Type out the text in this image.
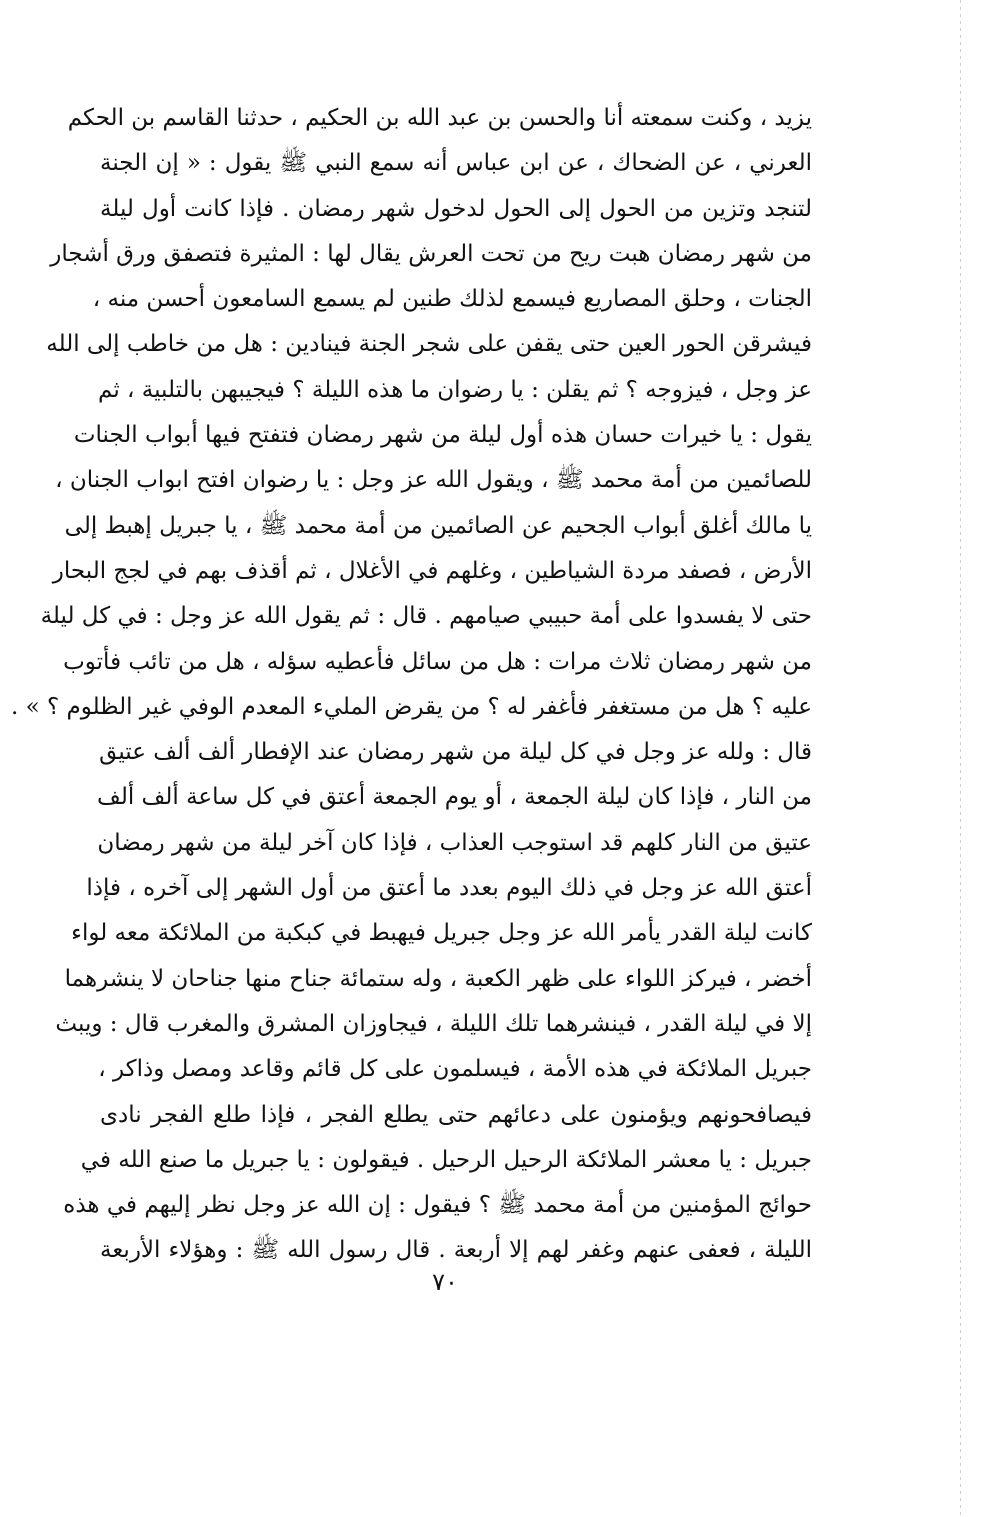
يزيد ، وكنت سمعته أنا والحسن بن عبد الله بن الحكيم ، حدثنا القاسم بن الحكم
العرني ، عن الضحاك ، عن ابن عباس أنه سمع النبي ﷺ يقول : « إن الجنة
لتنجد وتزين من الحول إلى الحول لدخول شهر رمضان . فإذا كانت أول ليلة
من شهر رمضان هبت ريح من تحت العرش يقال لها : المثيرة فتصفق ورق أشجار
الجنات ، وحلق المصاريع فيسمع لذلك طنين لم يسمع السامعون أحسن منه ،
فيشرقن الحور العين حتى يقفن على شجر الجنة فينادين : هل من خاطب إلى الله
عز وجل ، فيزوجه ؟ ثم يقلن : يا رضوان ما هذه الليلة ؟ فيجيبهن بالتلبية ، ثم
يقول : يا خيرات حسان هذه أول ليلة من شهر رمضان فتفتح فيها أبواب الجنات
للصائمين من أمة محمد ﷺ ، ويقول الله عز وجل : يا رضوان افتح ابواب الجنان ،
يا مالك أغلق أبواب الجحيم عن الصائمين من أمة محمد ﷺ ، يا جبريل إهبط إلى
الأرض ، فصفد مردة الشياطين ، وغلهم في الأغلال ، ثم أقذف بهم في لجج البحار
حتى لا يفسدوا على أمة حبيبي صيامهم . قال : ثم يقول الله عز وجل : في كل ليلة
من شهر رمضان ثلاث مرات : هل من سائل فأعطيه سؤله ، هل من تائب فأتوب
عليه ؟ هل من مستغفر فأغفر له ؟ من يقرض المليء المعدم الوفي غير الظلوم ؟ » .
قال : ولله عز وجل في كل ليلة من شهر رمضان عند الإفطار ألف ألف عتيق
من النار ، فإذا كان ليلة الجمعة ، أو يوم الجمعة أعتق في كل ساعة ألف ألف
عتيق من النار كلهم قد استوجب العذاب ، فإذا كان آخر ليلة من شهر رمضان
أعتق الله عز وجل في ذلك اليوم بعدد ما أعتق من أول الشهر إلى آخره ، فإذا
كانت ليلة القدر يأمر الله عز وجل جبريل فيهبط في كبكبة من الملائكة معه لواء
أخضر ، فيركز اللواء على ظهر الكعبة ، وله ستمائة جناح منها جناحان لا ينشرهما
إلا في ليلة القدر ، فينشرهما تلك الليلة ، فيجاوزان المشرق والمغرب قال : ويبث
جبريل الملائكة في هذه الأمة ، فيسلمون على كل قائم وقاعد ومصل وذاكر ،
فيصافحونهم ويؤمنون على دعائهم حتى يطلع الفجر ، فإذا طلع الفجر نادى
جبريل : يا معشر الملائكة الرحيل الرحيل . فيقولون : يا جبريل ما صنع الله في
حوائج المؤمنين من أمة محمد ﷺ ؟ فيقول : إن الله عز وجل نظر إليهم في هذه
الليلة ، فعفى عنهم وغفر لهم إلا أربعة . قال رسول الله ﷺ : وهؤلاء الأربعة
٧٠
